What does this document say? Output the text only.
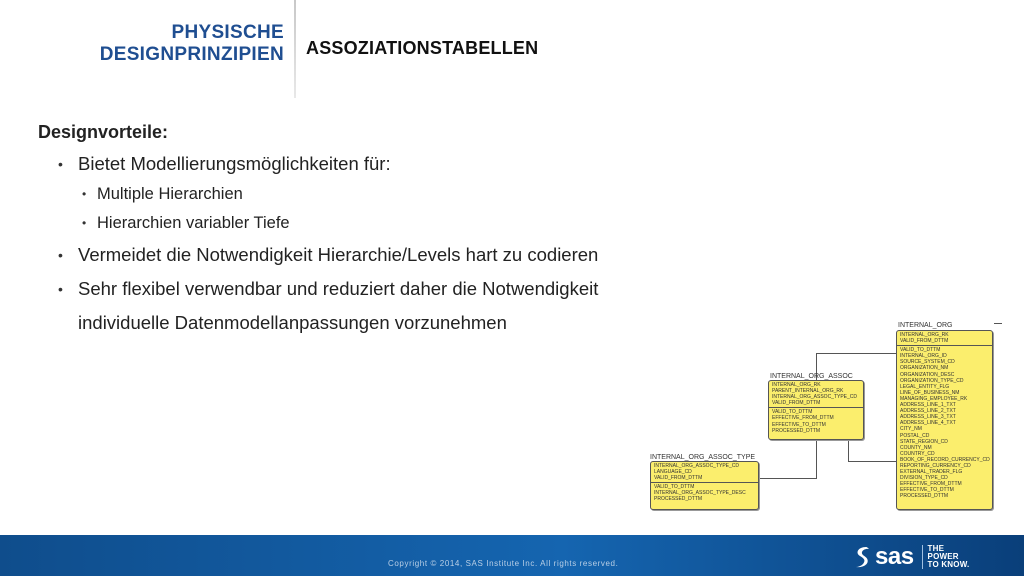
PHYSISCHE
DESIGNPRINZIPIEN ASSOZIATIONSTABELLEN
Designvorteile:
• Bietet Modellierungsmöglichkeiten für:
• Multiple Hierarchien
• Hierarchien variabler Tiefe
• Vermeidet die Notwendigkeit Hierarchie/Levels hart zu codieren
• Sehr flexibel verwendbar und reduziert daher die Notwendigkeit
individuelle Datenmodellanpassungen vorzunehmen	INTERNAL_ORG
INTERNAL_ORG_RK
VALID_FROM_DTTM
VALID_TO_DTTM
INTERNAL_ORG_ID
SOURCE_SYSTEM_CD
ORGANIZATION_NM
ORGANIZATION_DESC
ORGANIZATION_TYPE_CD
LEGAL_ENTITY_FLG
LINE_OF_BUSINESS_NM
MANAGING_EMPLOYEE_RK
ADDRESS_LINE_1_TXT
ADDRESS_LINE_2_TXT
ADDRESS_LINE_3_TXT
ADDRESS_LINE_4_TXT
CITY_NM
POSTAL_CD
STATE_REGION_CD
COUNTY_NM
COUNTRY_CD
BOOK_OF_RECORD_CURRENCY_CD
REPORTING_CURRENCY_CD
EXTERNAL_TRADER_FLG
DIVISION_TYPE_CD
EFFECTIVE_FROM_DTTM
EFFECTIVE_TO_DTTM
PROCESSED_DTTM
INTERNAL_ORG_ASSOC
INTERNAL_ORG_RK
PARENT_INTERNAL_ORG_RK
INTERNAL_ORG_ASSOC_TYPE_CD
VALID_FROM_DTTM
VALID_TO_DTTM
EFFECTIVE_FROM_DTTM
EFFECTIVE_TO_DTTM
PROCESSED_DTTM
INTERNAL_ORG_ASSOC_TYPE
INTERNAL_ORG_ASSOC_TYPE_CD
LANGUAGE_CD
VALID_FROM_DTTM
VALID_TO_DTTM
INTERNAL_ORG_ASSOC_TYPE_DESC
PROCESSED_DTTM
Copyright © 2014, SAS Institute Inc. All rights reserved.	sas THE
POWER
TO KNOW.
